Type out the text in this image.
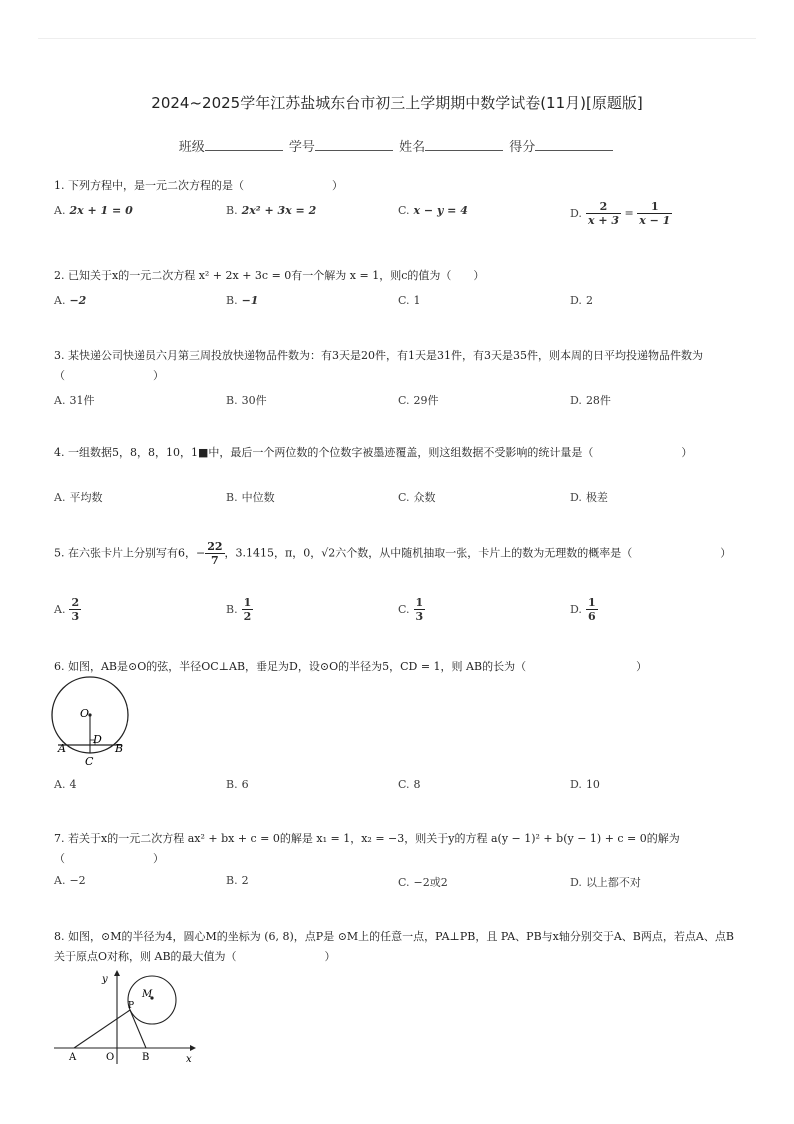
2024~2025学年江苏盐城东台市初三上学期期中数学试卷(11月)[原题版]
班级	学号	姓名	得分
1. 下列方程中，是一元二次方程的是（　　　　　　　　）
A. 2x + 1 = 0	B. 2x² + 3x = 2	C. x − y = 4	D. $\frac{2}{x + 3} = \frac{1}{x - 1}$
2. 已知关于x的一元二次方程 x² + 2x + 3c = 0有一个解为 x = 1，则c的值为（　　）
A. −2	B. −1	C. 1	D. 2
3. 某快递公司快递员六月第三周投放快递物品件数为：有3天是20件，有1天是31件，有3天是35件，则本周的日平均投递物品件数为（　　　　　　　　）
A. 31件	B. 30件	C. 29件	D. 28件
4. 一组数据5，8，8，10，1■中，最后一个两位数的个位数字被墨迹覆盖，则这组数据不受影响的统计量是（　　　　　　　　）
A. 平均数	B. 中位数	C. 众数	D. 极差
5. 在六张卡片上分别写有6，− $\frac{22}{7}$ ，3.1415，π，0，√2六个数，从中随机抽取一张，卡片上的数为无理数的概率是（　　　　　　　　）
A. $\frac{2}{3}$	B. $\frac{1}{2}$	C. $\frac{1}{3}$	D. $\frac{1}{6}$
6. 如图，AB是⊙O的弦，半径OC⊥AB，垂足为D，设⊙O的半径为5，CD = 1，则 AB的长为（　　　　　　　　　　）
O
D
A	B
C
A. 4	B. 6	C. 8	D. 10
7. 若关于x的一元二次方程 ax² + bx + c = 0的解是 x₁ = 1，x₂ = −3，则关于y的方程 a(y − 1)² + b(y − 1) + c = 0的解为（　　　　　　　　）
A. −2	B. 2	C. −2或2	D. 以上都不对
8. 如图，⊙M的半径为4，圆心M的坐标为 (6, 8)，点P是 ⊙M上的任意一点，PA⊥PB，且 PA、PB与x轴分别交于A、B两点，若点A、点B关于原点O对称，则 AB的最大值为（　　　　　　　　）
y
x
P
M
A	O	B
